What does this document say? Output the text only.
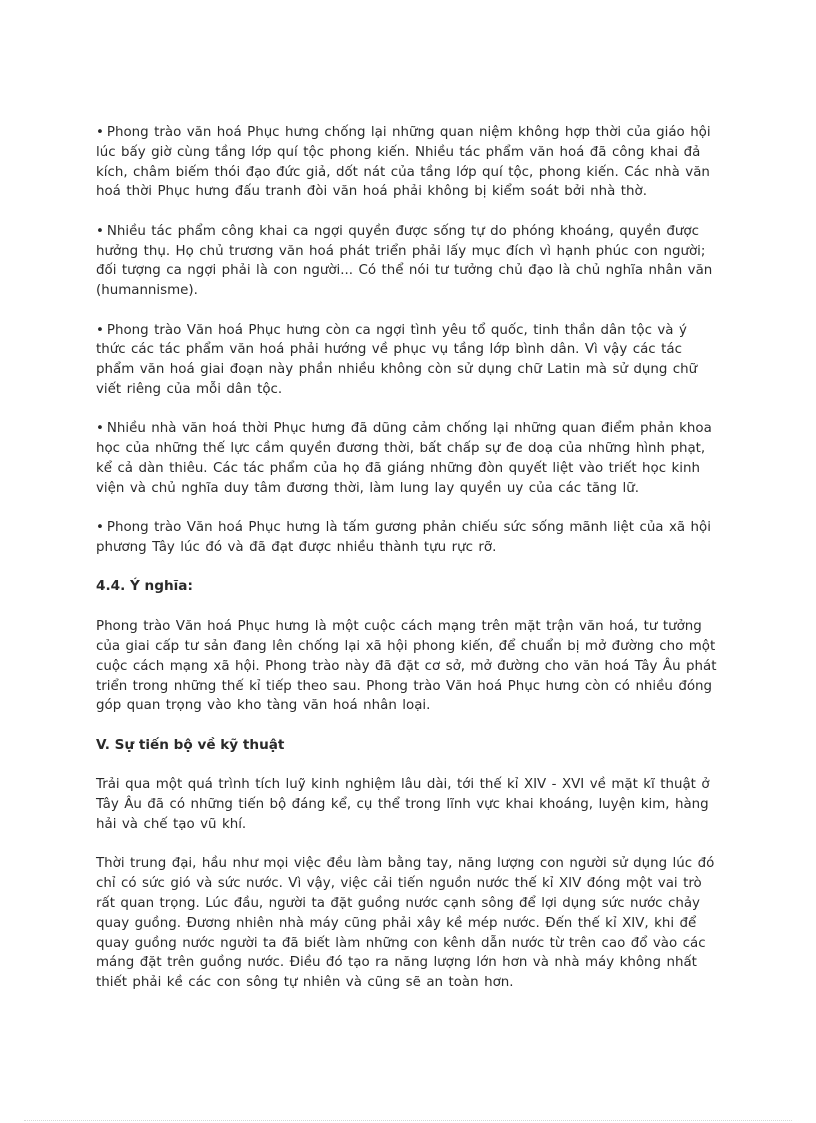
• Phong trào văn hoá Phục hưng chống lại những quan niệm không hợp thời của giáo hội lúc bấy giờ cùng tầng lớp quí tộc phong kiến. Nhiều tác phẩm văn hoá đã công khai đả kích, châm biếm thói đạo đức giả, dốt nát của tầng lớp quí tộc, phong kiến. Các nhà văn hoá thời Phục hưng đấu tranh đòi văn hoá phải không bị kiểm soát bởi nhà thờ.

• Nhiều tác phẩm công khai ca ngợi quyền được sống tự do phóng khoáng, quyền được hưởng thụ. Họ chủ trương văn hoá phát triển phải lấy mục đích vì hạnh phúc con người; đối tượng ca ngợi phải là con người... Có thể nói tư tưởng chủ đạo là chủ nghĩa nhân văn (humannisme).

• Phong trào Văn hoá Phục hưng còn ca ngợi tình yêu tổ quốc, tinh thần dân tộc và ý thức các tác phẩm văn hoá phải hướng về phục vụ tầng lớp bình dân. Vì vậy các tác phẩm văn hoá giai đoạn này phần nhiều không còn sử dụng chữ Latin mà sử dụng chữ viết riêng của mỗi dân tộc.

• Nhiều nhà văn hoá thời Phục hưng đã dũng cảm chống lại những quan điểm phản khoa học của những thế lực cầm quyền đương thời, bất chấp sự đe doạ của những hình phạt, kể cả dàn thiêu. Các tác phẩm của họ đã giáng những đòn quyết liệt vào triết học kinh viện và chủ nghĩa duy tâm đương thời, làm lung lay quyền uy của các tăng lữ.

• Phong trào Văn hoá Phục hưng là tấm gương phản chiếu sức sống mãnh liệt của xã hội phương Tây lúc đó và đã đạt được nhiều thành tựu rực rỡ.

4.4. Ý nghĩa:

Phong trào Văn hoá Phục hưng là một cuộc cách mạng trên mặt trận văn hoá, tư tưởng của giai cấp tư sản đang lên chống lại xã hội phong kiến, để chuẩn bị mở đường cho một cuộc cách mạng xã hội. Phong trào này đã đặt cơ sở, mở đường cho văn hoá Tây Âu phát triển trong những thế kỉ tiếp theo sau. Phong trào Văn hoá Phục hưng còn có nhiều đóng góp quan trọng vào kho tàng văn hoá nhân loại.

V. Sự tiến bộ về kỹ thuật

Trải qua một quá trình tích luỹ kinh nghiệm lâu dài, tới thế kỉ XIV - XVI về mặt kĩ thuật ở Tây Âu đã có những tiến bộ đáng kể, cụ thể trong lĩnh vực khai khoáng, luyện kim, hàng hải và chế tạo vũ khí.

Thời trung đại, hầu như mọi việc đều làm bằng tay, năng lượng con người sử dụng lúc đó chỉ có sức gió và sức nước. Vì vậy, việc cải tiến nguồn nước thế kỉ XIV đóng một vai trò rất quan trọng. Lúc đầu, người ta đặt guồng nước cạnh sông để lợi dụng sức nước chảy quay guồng. Đương nhiên nhà máy cũng phải xây kề mép nước. Đến thế kỉ XIV, khi để quay guồng nước người ta đã biết làm những con kênh dẫn nước từ trên cao đổ vào các máng đặt trên guồng nước. Điều đó tạo ra năng lượng lớn hơn và nhà máy không nhất thiết phải kề các con sông tự nhiên và cũng sẽ an toàn hơn.
